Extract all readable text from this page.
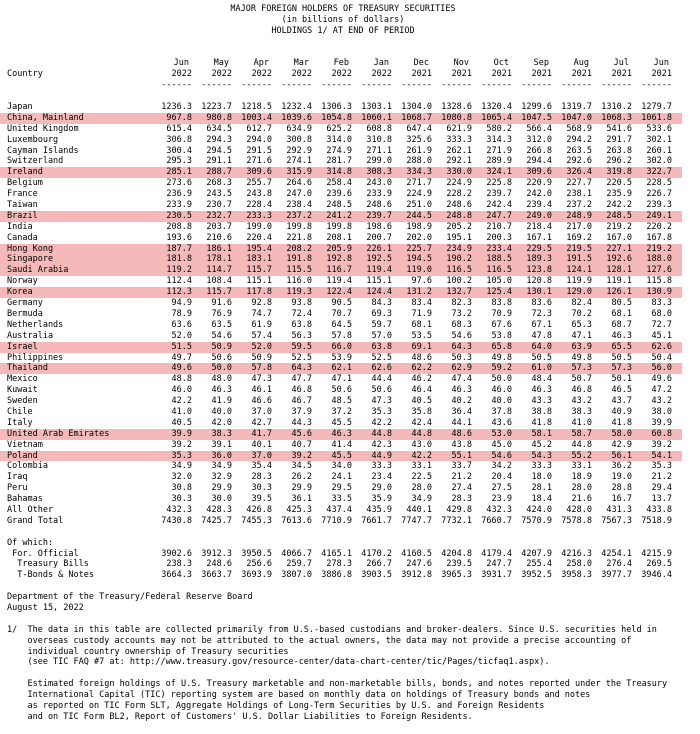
MAJOR FOREIGN HOLDERS OF TREASURY SECURITIES
(in billions of dollars)
HOLDINGS 1/ AT END OF PERIOD
Jun	May	Apr	Mar	Feb	Jan	Dec	Nov	Oct	Sep	Aug	Jul	Jun
Country	2022	2022	2022	2022	2022	2022	2021	2021	2021	2021	2021	2021	2021
------	------	------	------	------	------	------	------	------	------	------	------	------
Japan	1236.3	1223.7	1218.5	1232.4	1306.3	1303.1	1304.0	1328.6	1320.4	1299.6	1319.7	1310.2	1279.7
China, Mainland	967.8	980.8	1003.4	1039.6	1054.8	1060.1	1068.7	1080.8	1065.4	1047.5	1047.0	1068.3	1061.8
United Kingdom	615.4	634.5	612.7	634.9	625.2	608.8	647.4	621.9	580.2	566.4	568.9	541.6	533.6
Luxembourg	306.8	294.3	294.0	300.8	314.0	310.8	325.6	333.3	314.3	312.0	294.2	291.7	302.1
Cayman Islands	300.4	294.5	291.5	292.9	274.9	271.1	261.9	262.1	271.9	266.8	263.5	263.8	260.1
Switzerland	295.3	291.1	271.6	274.1	281.7	299.0	288.0	292.1	289.9	294.4	292.6	296.2	302.0
Ireland	285.1	288.7	309.6	315.9	314.8	308.3	334.3	330.0	324.1	309.6	326.4	319.8	322.7
Belgium	273.6	268.3	255.7	264.6	258.4	243.0	271.7	224.9	225.8	220.9	227.7	220.5	228.5
France	236.9	243.5	243.8	247.0	239.6	233.9	224.9	228.2	239.7	242.0	238.1	235.9	226.7
Taiwan	233.9	230.7	228.4	238.4	248.5	248.6	251.0	248.6	242.4	239.4	237.2	242.2	239.3
Brazil	230.5	232.7	233.3	237.2	241.2	239.7	244.5	248.8	247.7	249.0	248.9	248.5	249.1
India	208.8	203.7	199.0	199.8	199.8	198.6	198.9	205.2	210.7	218.4	217.0	219.2	220.2
Canada	193.6	210.6	220.4	221.8	208.1	200.7	202.0	195.1	200.3	167.1	169.2	167.0	167.8
Hong Kong	187.7	186.1	195.4	208.2	205.9	226.1	225.7	234.9	233.4	229.5	219.5	227.1	219.2
Singapore	181.8	178.1	183.1	191.8	192.8	192.5	194.5	190.2	188.5	189.3	191.5	192.6	188.0
Saudi Arabia	119.2	114.7	115.7	115.5	116.7	119.4	119.0	116.5	116.5	123.8	124.1	128.1	127.6
Norway	112.4	108.4	115.1	116.0	119.4	115.1	97.6	100.2	105.0	120.8	119.9	119.1	115.8
Korea	112.3	115.7	117.8	119.3	122.4	124.4	131.2	132.7	125.4	130.1	129.0	126.1	130.9
Germany	94.9	91.6	92.8	93.8	90.5	84.3	83.4	82.3	83.8	83.6	82.4	80.5	83.3
Bermuda	78.9	76.9	74.7	72.4	70.7	69.3	71.9	73.2	70.9	72.3	70.2	68.1	68.0
Netherlands	63.6	63.5	61.9	63.8	64.5	59.7	68.1	68.3	67.6	67.1	65.3	68.7	72.7
Australia	52.0	54.6	57.4	56.3	57.8	57.0	53.5	54.6	53.8	47.8	47.1	46.3	45.1
Israel	51.5	50.9	52.0	59.5	66.0	63.8	69.1	64.3	65.8	64.0	63.9	65.5	62.6
Philippines	49.7	50.6	50.9	52.5	53.9	52.5	48.6	50.3	49.8	50.5	49.8	50.5	50.4
Thailand	49.6	50.0	57.8	64.3	62.1	62.6	62.2	62.9	59.2	61.0	57.3	57.3	56.0
Mexico	48.8	48.0	47.3	47.7	47.1	44.4	46.2	47.4	50.0	48.4	50.7	50.1	49.6
Kuwait	46.0	46.3	46.1	46.8	50.6	50.6	46.4	46.3	46.0	46.3	46.8	46.5	47.2
Sweden	42.2	41.9	46.6	46.7	48.5	47.3	40.5	40.2	40.0	43.3	43.2	43.7	43.2
Chile	41.0	40.0	37.0	37.9	37.2	35.3	35.8	36.4	37.8	38.8	38.3	40.9	38.0
Italy	40.5	42.0	42.7	44.3	45.5	42.2	42.4	44.1	43.6	41.8	41.0	41.8	39.9
United Arab Emirates	39.9	38.3	41.7	45.6	46.3	44.8	44.8	48.6	53.0	58.1	58.7	58.0	60.8
Vietnam	39.2	39.1	40.1	40.7	41.4	42.3	43.0	43.8	45.0	45.2	44.8	42.9	39.2
Poland	35.3	36.0	37.0	39.2	45.5	44.9	42.2	55.1	54.6	54.3	55.2	56.1	54.1
Colombia	34.9	34.9	35.4	34.5	34.0	33.3	33.1	33.7	34.2	33.3	33.1	36.2	35.3
Iraq	32.0	32.9	28.3	26.2	24.1	23.4	22.5	21.2	20.4	18.0	18.9	19.0	21.2
Peru	30.8	29.9	30.3	29.9	29.5	29.0	28.0	27.4	27.5	28.1	28.0	28.8	29.4
Bahamas	30.3	30.0	39.5	36.1	33.5	35.9	34.9	28.3	23.9	18.4	21.6	16.7	13.7
All Other	432.3	428.3	426.8	425.3	437.4	435.9	440.1	429.8	432.3	424.0	428.0	431.3	433.8
Grand Total	7430.8	7425.7	7455.3	7613.6	7710.9	7661.7	7747.7	7732.1	7660.7	7570.9	7578.8	7567.3	7518.9
Of which:
For. Official	3902.6	3912.3	3950.5	4066.7	4165.1	4170.2	4160.5	4204.8	4179.4	4207.9	4216.3	4254.1	4215.9
Treasury Bills	238.3	248.6	256.6	259.7	278.3	266.7	247.6	239.5	247.7	255.4	258.0	276.4	269.5
T-Bonds & Notes	3664.3	3663.7	3693.9	3807.0	3886.8	3903.5	3912.8	3965.3	3931.7	3952.5	3958.3	3977.7	3946.4
Department of the Treasury/Federal Reserve Board
August 15, 2022
1/  The data in this table are collected primarily from U.S.-based custodians and broker-dealers. Since U.S. securities held in
overseas custody accounts may not be attributed to the actual owners, the data may not provide a precise accounting of
individual country ownership of Treasury securities
(see TIC FAQ #7 at: http://www.treasury.gov/resource-center/data-chart-center/tic/Pages/ticfaq1.aspx).
Estimated foreign holdings of U.S. Treasury marketable and non-marketable bills, bonds, and notes reported under the Treasury
International Capital (TIC) reporting system are based on monthly data on holdings of Treasury bonds and notes
as reported on TIC Form SLT, Aggregate Holdings of Long-Term Securities by U.S. and Foreign Residents
and on TIC Form BL2, Report of Customers' U.S. Dollar Liabilities to Foreign Residents.
